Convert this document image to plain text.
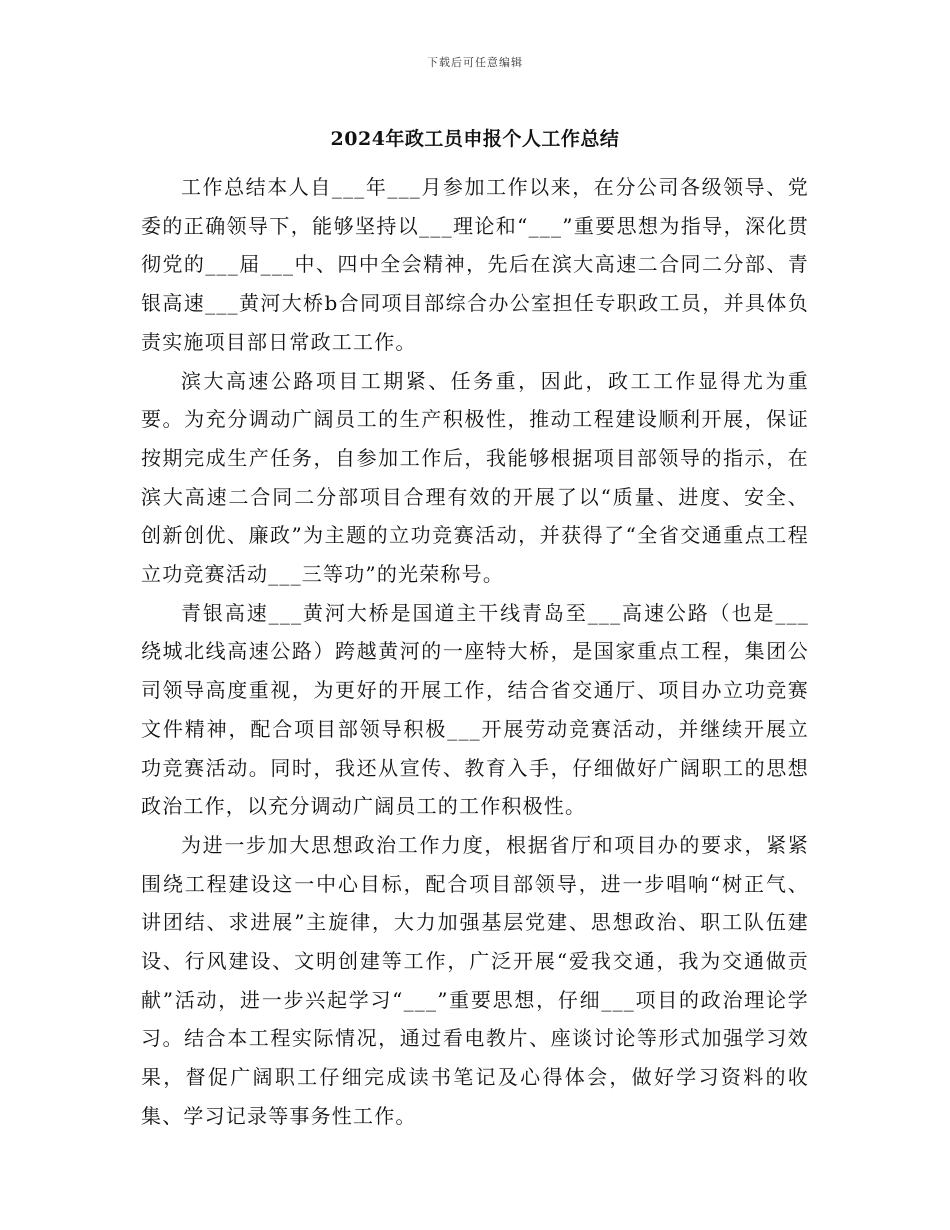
下载后可任意编辑
2024年政工员申报个人工作总结

工作总结本人自___年___月参加工作以来，在分公司各级领导、党委的正确领导下，能够坚持以___理论和“___”重要思想为指导，深化贯彻党的___届___中、四中全会精神，先后在滨大高速二合同二分部、青银高速___黄河大桥b合同项目部综合办公室担任专职政工员，并具体负责实施项目部日常政工工作。

滨大高速公路项目工期紧、任务重，因此，政工工作显得尤为重要。为充分调动广阔员工的生产积极性，推动工程建设顺利开展，保证按期完成生产任务，自参加工作后，我能够根据项目部领导的指示，在滨大高速二合同二分部项目合理有效的开展了以“质量、进度、安全、创新创优、廉政”为主题的立功竞赛活动，并获得了“全省交通重点工程立功竞赛活动___三等功”的光荣称号。

青银高速___黄河大桥是国道主干线青岛至___高速公路（也是___绕城北线高速公路）跨越黄河的一座特大桥，是国家重点工程，集团公司领导高度重视，为更好的开展工作，结合省交通厅、项目办立功竞赛文件精神，配合项目部领导积极___开展劳动竞赛活动，并继续开展立功竞赛活动。同时，我还从宣传、教育入手，仔细做好广阔职工的思想政治工作，以充分调动广阔员工的工作积极性。

为进一步加大思想政治工作力度，根据省厅和项目办的要求，紧紧围绕工程建设这一中心目标，配合项目部领导，进一步唱响“树正气、讲团结、求进展”主旋律，大力加强基层党建、思想政治、职工队伍建设、行风建设、文明创建等工作，广泛开展“爱我交通，我为交通做贡献”活动，进一步兴起学习“___”重要思想，仔细___项目的政治理论学习。结合本工程实际情况，通过看电教片、座谈讨论等形式加强学习效果，督促广阔职工仔细完成读书笔记及心得体会，做好学习资料的收集、学习记录等事务性工作。
